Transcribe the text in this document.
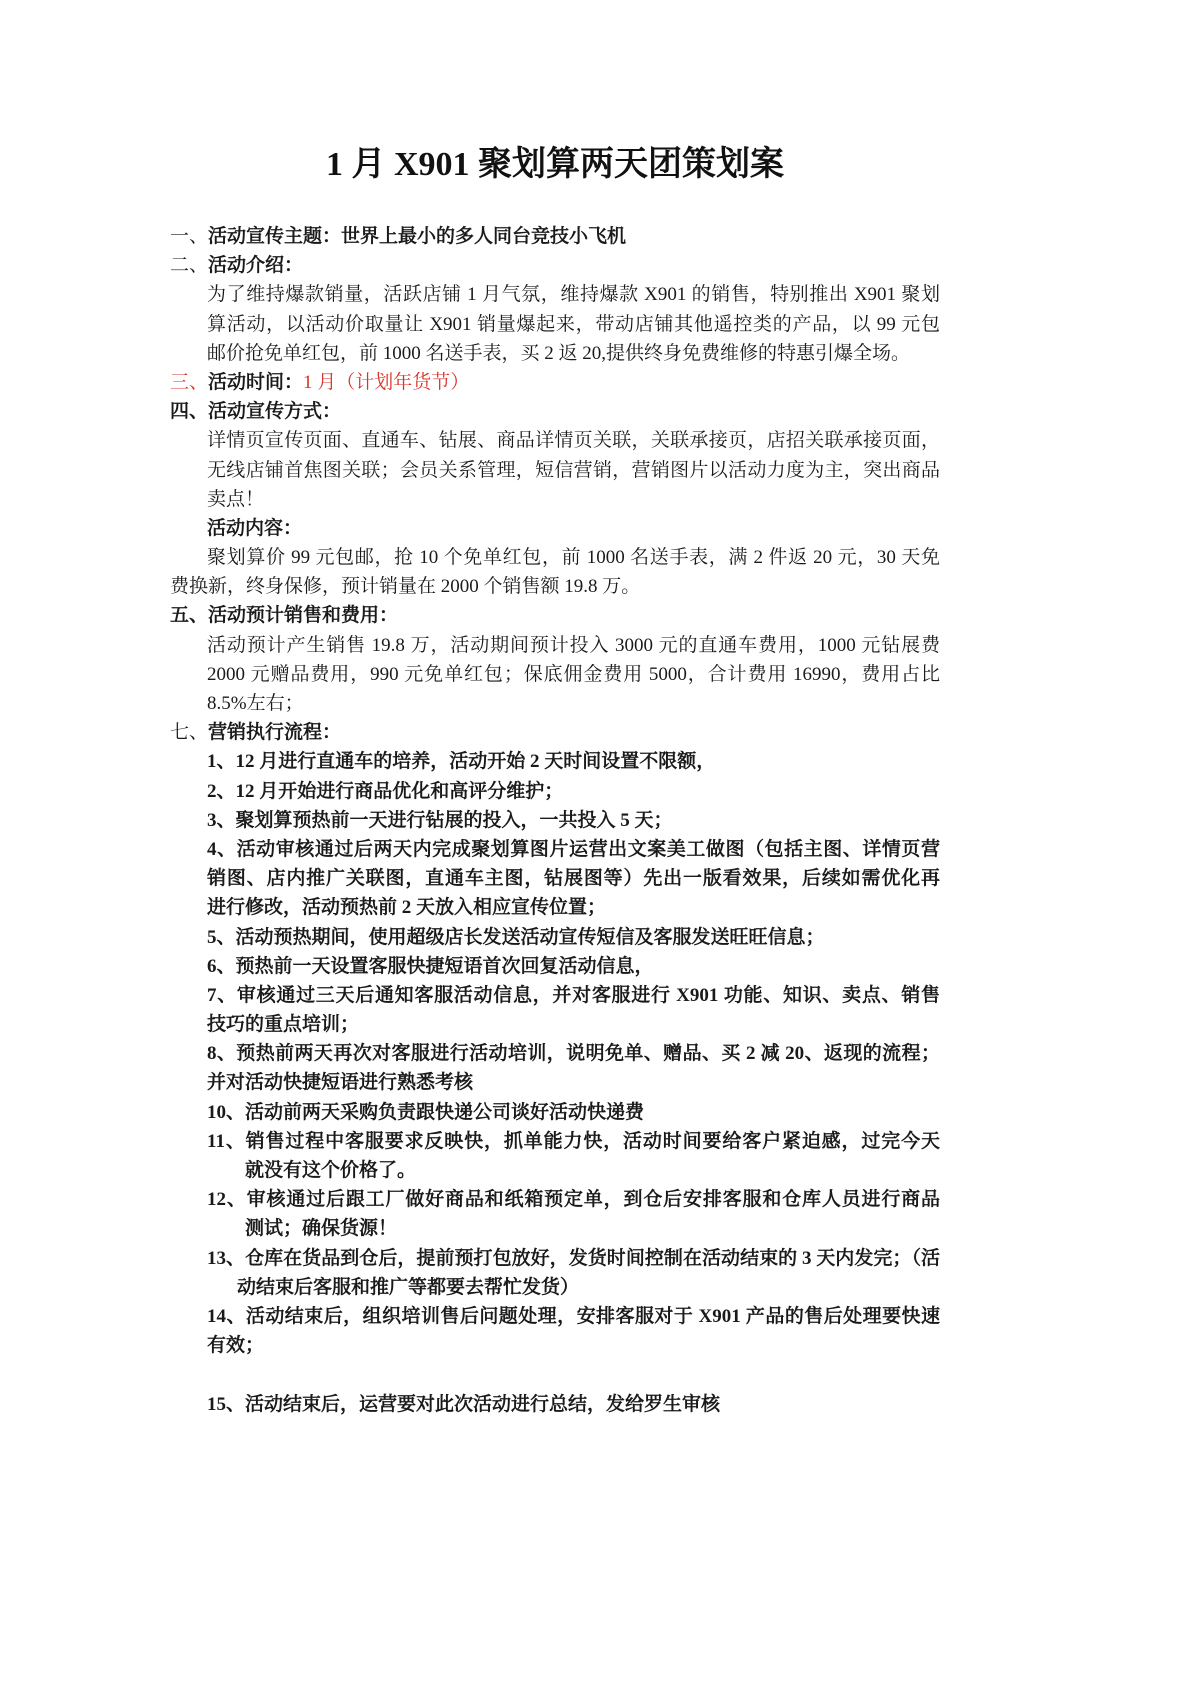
1 月 X901 聚划算两天团策划案
一、活动宣传主题：世界上最小的多人同台竞技小飞机
二、活动介绍：
为了维持爆款销量，活跃店铺 1 月气氛，维持爆款 X901 的销售，特别推出 X901 聚划
算活动，以活动价取量让 X901 销量爆起来，带动店铺其他遥控类的产品，以 99 元包
邮价抢免单红包，前 1000 名送手表，买 2 返 20,提供终身免费维修的特惠引爆全场。
三、活动时间：1 月（计划年货节）
四、活动宣传方式：
详情页宣传页面、直通车、钻展、商品详情页关联，关联承接页，店招关联承接页面，
无线店铺首焦图关联；会员关系管理，短信营销，营销图片以活动力度为主，突出商品
卖点！
活动内容：
聚划算价 99 元包邮，抢 10 个免单红包，前 1000 名送手表，满 2 件返 20 元，30 天免
费换新，终身保修，预计销量在 2000 个销售额 19.8 万。
五、活动预计销售和费用：
活动预计产生销售 19.8 万，活动期间预计投入 3000 元的直通车费用，1000 元钻展费
2000 元赠品费用，990 元免单红包；保底佣金费用 5000，合计费用 16990，费用占比
8.5%左右；
七、营销执行流程：
1、12 月进行直通车的培养，活动开始 2 天时间设置不限额，
2、12 月开始进行商品优化和高评分维护；
3、聚划算预热前一天进行钻展的投入，一共投入 5 天；
4、活动审核通过后两天内完成聚划算图片运营出文案美工做图（包括主图、详情页营
销图、店内推广关联图，直通车主图，钻展图等）先出一版看效果，后续如需优化再
进行修改，活动预热前 2 天放入相应宣传位置；
5、活动预热期间，使用超级店长发送活动宣传短信及客服发送旺旺信息；
6、预热前一天设置客服快捷短语首次回复活动信息，
7、审核通过三天后通知客服活动信息，并对客服进行 X901 功能、知识、卖点、销售
技巧的重点培训；
8、预热前两天再次对客服进行活动培训，说明免单、赠品、买 2 减 20、返现的流程；
并对活动快捷短语进行熟悉考核
10、活动前两天采购负责跟快递公司谈好活动快递费
11、销售过程中客服要求反映快，抓单能力快，活动时间要给客户紧迫感，过完今天
就没有这个价格了。
12、审核通过后跟工厂做好商品和纸箱预定单，到仓后安排客服和仓库人员进行商品
测试；确保货源！
13、仓库在货品到仓后，提前预打包放好，发货时间控制在活动结束的 3 天内发完；（活
动结束后客服和推广等都要去帮忙发货）
14、活动结束后，组织培训售后问题处理，安排客服对于 X901 产品的售后处理要快速
有效；
15、活动结束后，运营要对此次活动进行总结，发给罗生审核
